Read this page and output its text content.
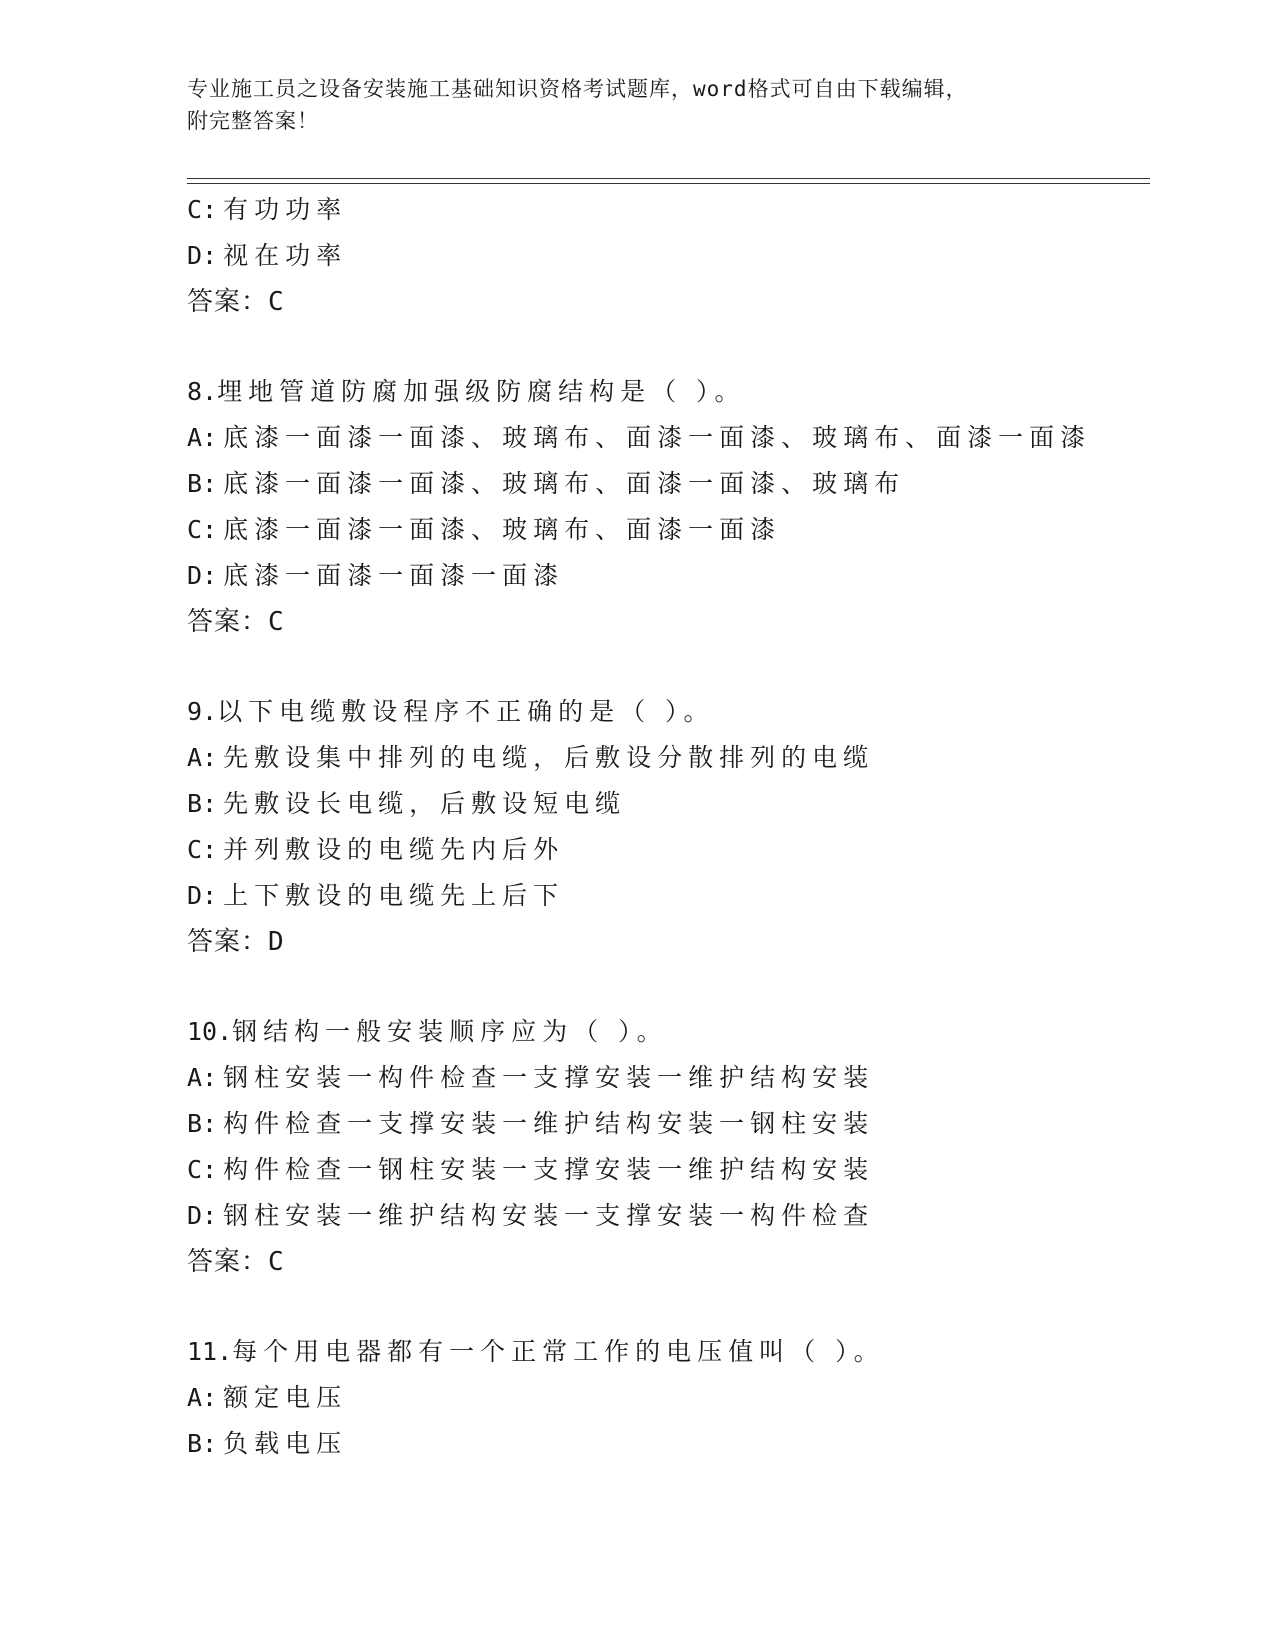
专业施工员之设备安装施工基础知识资格考试题库，word格式可自由下载编辑，
附完整答案！
C: 有功功率
D: 视在功率
答案：C
8.埋地管道防腐加强级防腐结构是（ ）。
A: 底漆一面漆一面漆、玻璃布、面漆一面漆、玻璃布、面漆一面漆
B: 底漆一面漆一面漆、玻璃布、面漆一面漆、玻璃布
C: 底漆一面漆一面漆、玻璃布、面漆一面漆
D: 底漆一面漆一面漆一面漆
答案：C
9.以下电缆敷设程序不正确的是（ ）。
A: 先敷设集中排列的电缆，后敷设分散排列的电缆
B: 先敷设长电缆，后敷设短电缆
C: 并列敷设的电缆先内后外
D: 上下敷设的电缆先上后下
答案：D
10.钢结构一般安装顺序应为（ ）。
A: 钢柱安装一构件检查一支撑安装一维护结构安装
B: 构件检查一支撑安装一维护结构安装一钢柱安装
C: 构件检查一钢柱安装一支撑安装一维护结构安装
D: 钢柱安装一维护结构安装一支撑安装一构件检查
答案：C
11.每个用电器都有一个正常工作的电压值叫（ ）。
A: 额定电压
B: 负载电压
